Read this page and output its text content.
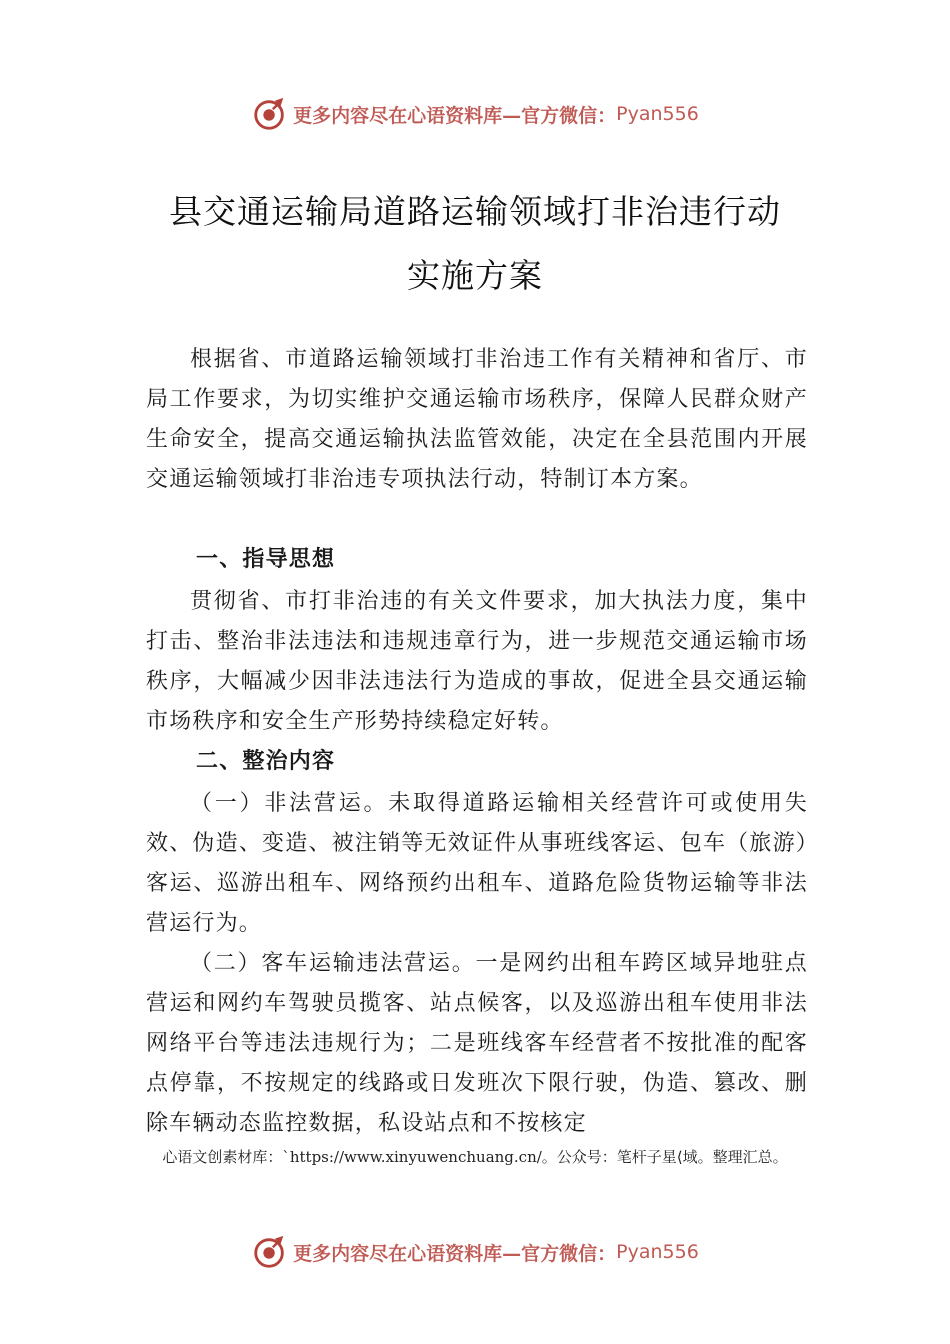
更多内容尽在心语资料库—官方微信： Pyan556
县交通运输局道路运输领域打非治违行动
实施方案

根据省、市道路运输领域打非治违工作有关精神和省厅、市局工作要求，为切实维护交通运输市场秩序，保障人民群众财产生命安全，提高交通运输执法监管效能，决定在全县范围内开展交通运输领域打非治违专项执法行动，特制订本方案。

一、指导思想

贯彻省、市打非治违的有关文件要求，加大执法力度，集中打击、整治非法违法和违规违章行为，进一步规范交通运输市场秩序，大幅减少因非法违法行为造成的事故，促进全县交通运输市场秩序和安全生产形势持续稳定好转。

二、整治内容

（一）非法营运。未取得道路运输相关经营许可或使用失效、伪造、变造、被注销等无效证件从事班线客运、包车（旅游）客运、巡游出租车、网络预约出租车、道路危险货物运输等非法营运行为。

（二）客车运输违法营运。一是网约出租车跨区域异地驻点营运和网约车驾驶员揽客、站点候客，以及巡游出租车使用非法网络平台等违法违规行为；二是班线客车经营者不按批准的配客点停靠，不按规定的线路或日发班次下限行驶，伪造、篡改、删除车辆动态监控数据，私设站点和不按核定

心语文创素材库：`https://www.xinyuwenchuang.cn/。公众号：笔杆子星⟨域。整理汇总。
更多内容尽在心语资料库—官方微信： Pyan556
